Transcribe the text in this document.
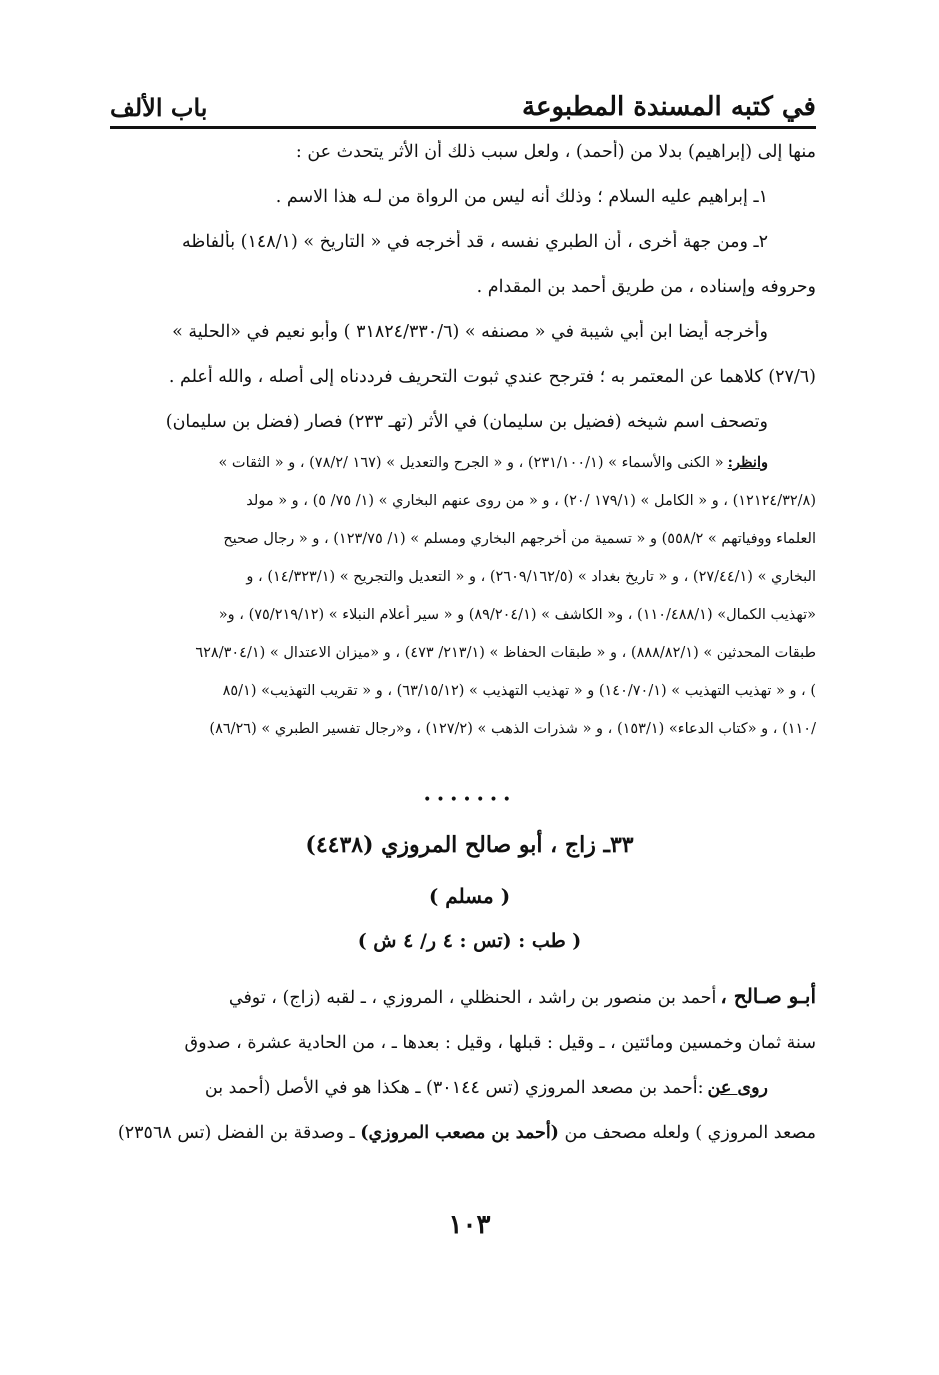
في كتبه المسندة المطبوعة
باب الألف
منها إلى (إبراهيم) بدلا من (أحمد) ، ولعل سبب ذلك أن الأثر يتحدث عن :
١ـ إبراهيم عليه السلام ؛ وذلك أنه ليس من الرواة من لـه هذا الاسم .
٢ـ ومن جهة أخرى ، أن الطبري نفسه ، قد أخرجه في « التاريخ » (١٤٨/١) بألفاظه
وحروفه وإسناده ، من طريق أحمد بن المقدام .
وأخرجه أيضا ابن أبي شيبة في « مصنفه » (٣١٨٢٤/٣٣٠/٦ ) وأبو نعيم في «الحلية »
(٢٧/٦) كلاهما عن المعتمر به ؛ فترجح عندي ثبوت التحريف فرددناه إلى أصله ، والله أعلم .
وتصحف اسم شيخه (فضيل بن سليمان) في الأثر (تهـ ٢٣٣) فصار (فضل بن سليمان)
وانظر:« الكنى والأسماء » (٢٣١/١٠٠/١) ، و « الجرح والتعديل » (١٦٧ /٧٨/٢) ، و « الثقات »
(١٢١٢٤/٣٢/٨) ، و « الكامل » (١٧٩/١ /٢٠) ، و « من روى عنهم البخاري » (١/ ٧٥/ ٥) ، و « مولد
العلماء ووفياتهم » ٥٥٨/٢) و « تسمية من أخرجهم البخاري ومسلم » (١/ ١٢٣/٧٥) ، و « رجال صحيح
البخاري » (٢٧/٤٤/١) ، و « تاريخ بغداد » (٢٦٠٩/١٦٢/٥) ، و « التعديل والتجريح » (١٤/٣٢٣/١) ، و
«تهذيب الكمال» (١١٠/٤٨٨/١) ، و« الكاشف » (٨٩/٢٠٤/١) و « سير أعلام النبلاء » (٧٥/٢١٩/١٢) ، و«
طبقات المحدثين » (٨٨٨/٨٢/١) ، و « طبقات الحفاظ » (٢١٣/١/ ٤٧٣) ، و «ميزان الاعتدال » (٦٢٨/٣٠٤/١
) ، و « تهذيب التهذيب » (١٤٠/٧٠/١) و « تهذيب التهذيب » (٦٣/١٥/١٢) ، و « تقريب التهذيب» (٨٥/١
/١١٠) ، و «كتاب الدعاء» (١٥٣/١) ، و « شذرات الذهب » (١٢٧/٢) ، و«رجال تفسير الطبري » (٨٦/٢٦)
•••••••
٣٣ـ زاج ، أبو صالح المروزي (٤٤٣٨)
( مسلم )
( طب : (تس : ٤ ر/ ٤ ش )
أبـو صـالح ،أحمد بن منصور بن راشد ، الحنظلي ، المروزي ، ـ لقبه (زاج) ، توفي
سنة ثمان وخمسين ومائتين ، ـ وقيل : قبلها ، وقيل : بعدها ـ ، من الحادية عشرة ، صدوق
روى عن:أحمد بن مصعد المروزي (تس ٣٠١٤٤) ـ هكذا هو في الأصل (أحمد بن
مصعد المروزي ) ولعله مصحف من (أحمد بن مصعب المروزي) ـ وصدقة بن الفضل (تس ٢٣٥٦٨)
١٠٣
